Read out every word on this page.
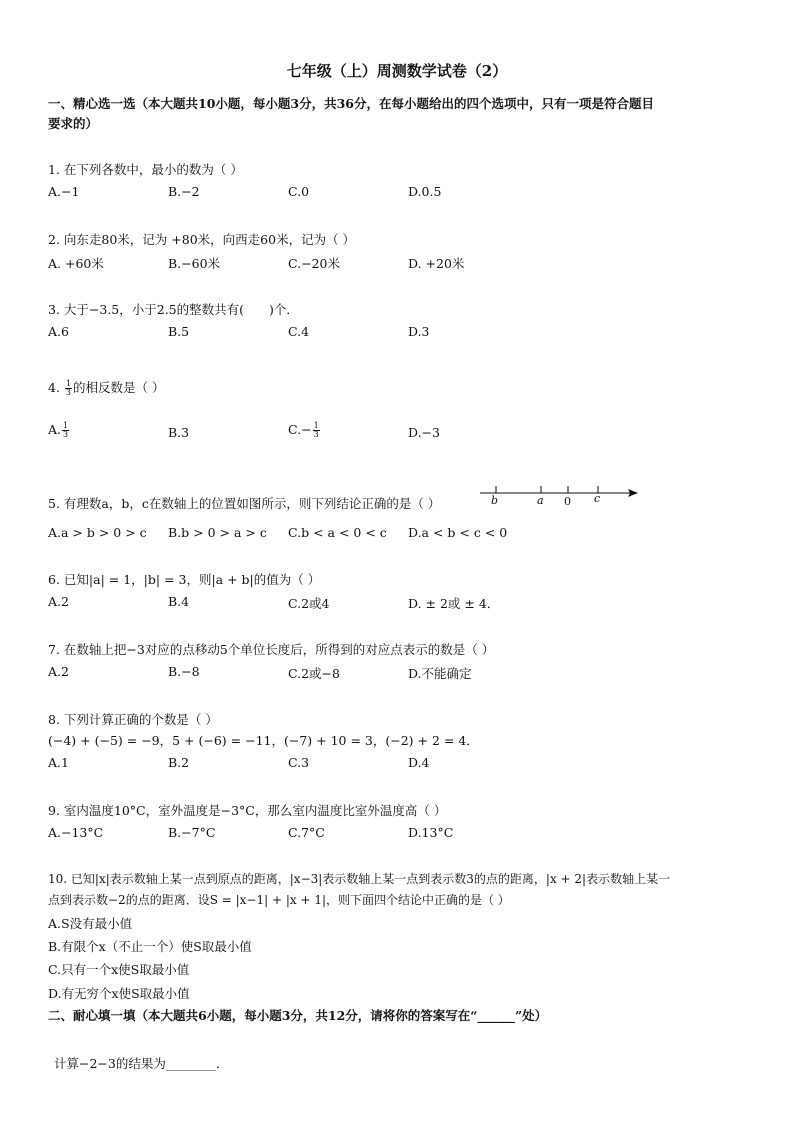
七年级（上）周测数学试卷（2）
一、精心选一选（本大题共10小题，每小题3分，共36分，在每小题给出的四个选项中，只有一项是符合题目
要求的）
1. 在下列各数中，最小的数为（ ）
A.−1	B.−2	C.0	D.0.5
2. 向东走80米，记为 +80米，向西走60米，记为（ ）
A. +60米	B.−60米	C.−20米	D. +20米
3. 大于−3.5，小于2.5的整数共有(　　)个．
A.6	B.5	C.4	D.3
4. $\frac{1}{3}$ 的相反数是（ ）
A. $\frac{1}{3}$	B.3	$C.- \frac{1}{3}$	D.−3
5. 有理数a，b，c在数轴上的位置如图所示，则下列结论正确的是（ ）	b	a 0 c
A.a > b > 0 > c B.b > 0 > a > c C.b < a < 0 < c D.a < b < c < 0
6. 已知|a| = 1，|b| = 3，则|a + b|的值为（ ）
A.2	B.4	C.2或4	D. ± 2或 ± 4．
7. 在数轴上把−3对应的点移动5个单位长度后，所得到的对应点表示的数是（ ）
A.2	B.−8	C.2或−8	D.不能确定
8. 下列计算正确的个数是（ ）
(−4) + (−5) = −9，5 + (−6) = −11，(−7) + 10 = 3，(−2) + 2 = 4．
A.1	B.2	C.3	D.4
9. 室内温度10°C，室外温度是−3°C，那么室内温度比室外温度高（ ）
A.−13°C	B.−7°C	C.7°C	D.13°C
10. 已知|x|表示数轴上某一点到原点的距离，|x−3|表示数轴上某一点到表示数3的点的距离，|x + 2|表示数轴上某一
点到表示数−2的点的距离．设S = |x−1| + |x + 1|，则下面四个结论中正确的是（ ）
A.S没有最小值
B.有限个x（不止一个）使S取最小值
C.只有一个x使S取最小值
D.有无穷个x使S取最小值
二、耐心填一填（本大题共6小题，每小题3分，共12分，请将你的答案写在“______”处）
计算−2−3的结果为________．
